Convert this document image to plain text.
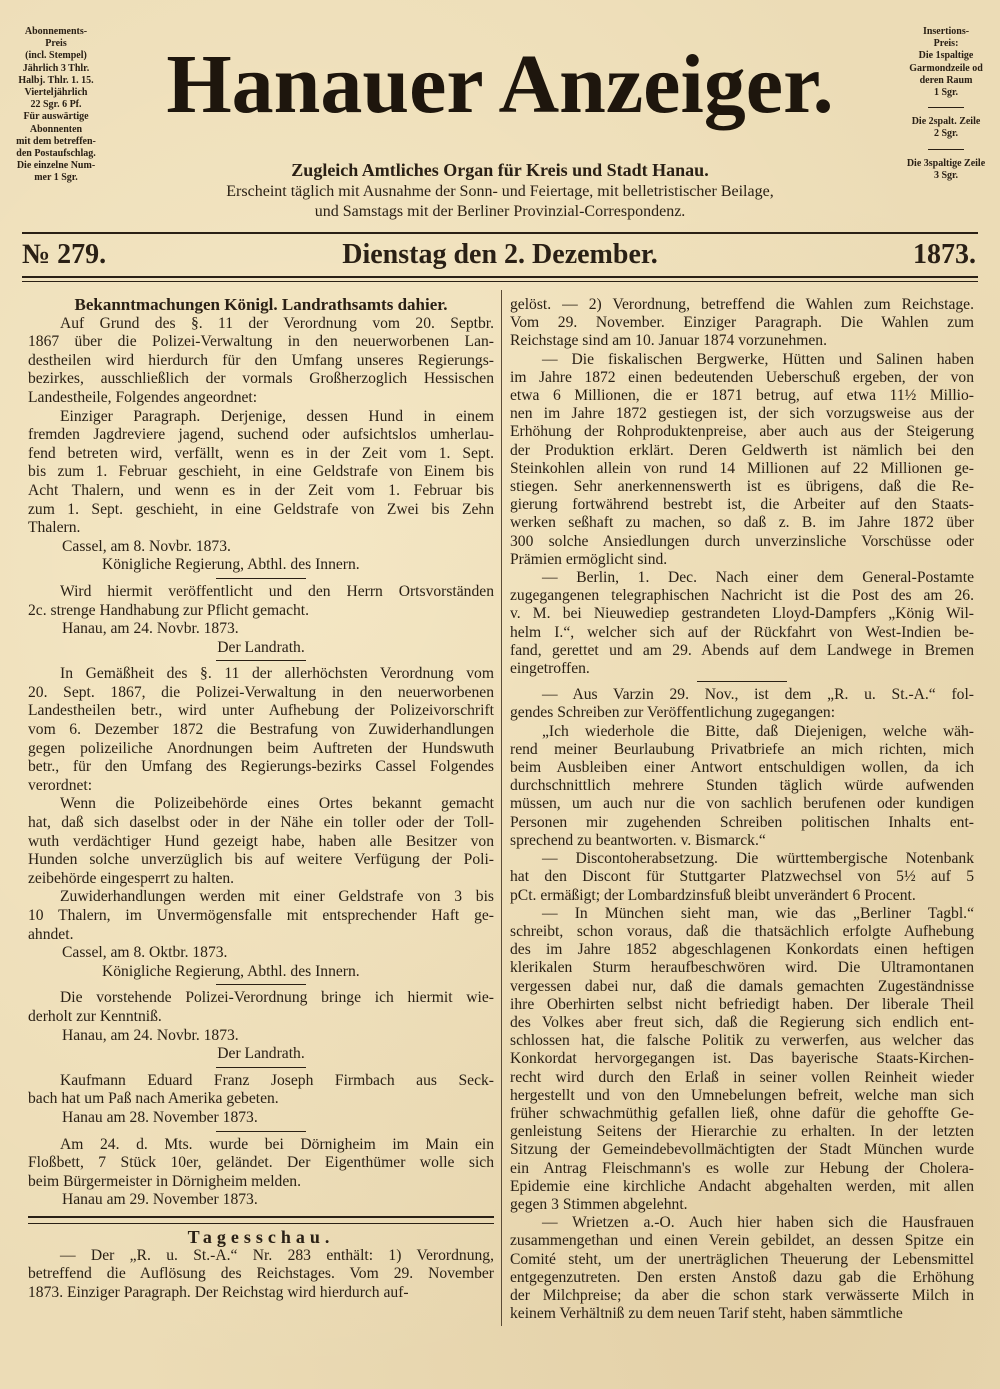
Abonnements-
Preis
(incl. Stempel)
Jährlich 3 Thlr.
Halbj. Thlr. 1. 15.
Vierteljährlich
22 Sgr. 6 Pf.
Für auswärtige
Abonnenten
mit dem betreffen-
den Postaufschlag.
Die einzelne Num-
mer 1 Sgr.
Insertions-
Preis:
Die 1spaltige
Garmondzeile od
deren Raum
1 Sgr.
Die 2spalt. Zeile
2 Sgr.
Die 3spaltige Zeile
3 Sgr.
Hanauer Anzeiger.
Zugleich Amtliches Organ für Kreis und Stadt Hanau.
Erscheint täglich mit Ausnahme der Sonn- und Feiertage, mit belletristischer Beilage,
und Samstags mit der Berliner Provinzial-Correspondenz.
№ 279.	Dienstag den 2. Dezember.	1873.
Bekanntmachungen Königl. Landrathsamts dahier.
Auf Grund des §. 11 der Verordnung vom 20. Septbr.
1867 über die Polizei-Verwaltung in den neuerworbenen Lan-
destheilen wird hierdurch für den Umfang unseres Regierungs-
bezirkes, ausschließlich der vormals Großherzoglich Hessischen
Landestheile, Folgendes angeordnet:
Einziger Paragraph. Derjenige, dessen Hund in einem
fremden Jagdreviere jagend, suchend oder aufsichtslos umherlau-
fend betreten wird, verfällt, wenn es in der Zeit vom 1. Sept.
bis zum 1. Februar geschieht, in eine Geldstrafe von Einem bis
Acht Thalern, und wenn es in der Zeit vom 1. Februar bis
zum 1. Sept. geschieht, in eine Geldstrafe von Zwei bis Zehn
Thalern.
Cassel, am 8. Novbr. 1873.
Königliche Regierung, Abthl. des Innern.
Wird hiermit veröffentlicht und den Herrn Ortsvorständen
2c. strenge Handhabung zur Pflicht gemacht.
Hanau, am 24. Novbr. 1873.
Der Landrath.
In Gemäßheit des §. 11 der allerhöchsten Verordnung vom
20. Sept. 1867, die Polizei-Verwaltung in den neuerworbenen
Landestheilen betr., wird unter Aufhebung der Polizeivorschrift
vom 6. Dezember 1872 die Bestrafung von Zuwiderhandlungen
gegen polizeiliche Anordnungen beim Auftreten der Hundswuth
betr., für den Umfang des Regierungs-bezirks Cassel Folgendes
verordnet:
Wenn die Polizeibehörde eines Ortes bekannt gemacht
hat, daß sich daselbst oder in der Nähe ein toller oder der Toll-
wuth verdächtiger Hund gezeigt habe, haben alle Besitzer von
Hunden solche unverzüglich bis auf weitere Verfügung der Poli-
zeibehörde eingesperrt zu halten.
Zuwiderhandlungen werden mit einer Geldstrafe von 3 bis
10 Thalern, im Unvermögensfalle mit entsprechender Haft ge-
ahndet.
Cassel, am 8. Oktbr. 1873.
Königliche Regierung, Abthl. des Innern.
Die vorstehende Polizei-Verordnung bringe ich hiermit wie-
derholt zur Kenntniß.
Hanau, am 24. Novbr. 1873.
Der Landrath.
Kaufmann Eduard Franz Joseph Firmbach aus Seck-
bach hat um Paß nach Amerika gebeten.
Hanau am 28. November 1873.
Am 24. d. Mts. wurde bei Dörnigheim im Main ein
Floßbett, 7 Stück 10er, geländet. Der Eigenthümer wolle sich
beim Bürgermeister in Dörnigheim melden.
Hanau am 29. November 1873.
Tagesschau.
— Der „R. u. St.-A.“ Nr. 283 enthält: 1) Verordnung,
betreffend die Auflösung des Reichstages. Vom 29. November
1873. Einziger Paragraph. Der Reichstag wird hierdurch auf-
gelöst. — 2) Verordnung, betreffend die Wahlen zum Reichstage.
Vom 29. November. Einziger Paragraph. Die Wahlen zum
Reichstage sind am 10. Januar 1874 vorzunehmen.
— Die fiskalischen Bergwerke, Hütten und Salinen haben
im Jahre 1872 einen bedeutenden Ueberschuß ergeben, der von
etwa 6 Millionen, die er 1871 betrug, auf etwa 11½ Millio-
nen im Jahre 1872 gestiegen ist, der sich vorzugsweise aus der
Erhöhung der Rohproduktenpreise, aber auch aus der Steigerung
der Produktion erklärt. Deren Geldwerth ist nämlich bei den
Steinkohlen allein von rund 14 Millionen auf 22 Millionen ge-
stiegen. Sehr anerkennenswerth ist es übrigens, daß die Re-
gierung fortwährend bestrebt ist, die Arbeiter auf den Staats-
werken seßhaft zu machen, so daß z. B. im Jahre 1872 über
300 solche Ansiedlungen durch unverzinsliche Vorschüsse oder
Prämien ermöglicht sind.
— Berlin, 1. Dec. Nach einer dem General-Postamte
zugegangenen telegraphischen Nachricht ist die Post des am 26.
v. M. bei Nieuwediep gestrandeten Lloyd-Dampfers „König Wil-
helm I.“, welcher sich auf der Rückfahrt von West-Indien be-
fand, gerettet und am 29. Abends auf dem Landwege in Bremen
eingetroffen.
— Aus Varzin 29. Nov., ist dem „R. u. St.-A.“ fol-
gendes Schreiben zur Veröffentlichung zugegangen:
„Ich wiederhole die Bitte, daß Diejenigen, welche wäh-
rend meiner Beurlaubung Privatbriefe an mich richten, mich
beim Ausbleiben einer Antwort entschuldigen wollen, da ich
durchschnittlich mehrere Stunden täglich würde aufwenden
müssen, um auch nur die von sachlich berufenen oder kundigen
Personen mir zugehenden Schreiben politischen Inhalts ent-
sprechend zu beantworten. v. Bismarck.“
— Discontoherabsetzung. Die württembergische Notenbank
hat den Discont für Stuttgarter Platzwechsel von 5½ auf 5
pCt. ermäßigt; der Lombardzinsfuß bleibt unverändert 6 Procent.
— In München sieht man, wie das „Berliner Tagbl.“
schreibt, schon voraus, daß die thatsächlich erfolgte Aufhebung
des im Jahre 1852 abgeschlagenen Konkordats einen heftigen
klerikalen Sturm heraufbeschwören wird. Die Ultramontanen
vergessen dabei nur, daß die damals gemachten Zugeständnisse
ihre Oberhirten selbst nicht befriedigt haben. Der liberale Theil
des Volkes aber freut sich, daß die Regierung sich endlich ent-
schlossen hat, die falsche Politik zu verwerfen, aus welcher das
Konkordat hervorgegangen ist. Das bayerische Staats-Kirchen-
recht wird durch den Erlaß in seiner vollen Reinheit wieder
hergestellt und von den Umnebelungen befreit, welche man sich
früher schwachmüthig gefallen ließ, ohne dafür die gehoffte Ge-
genleistung Seitens der Hierarchie zu erhalten. In der letzten
Sitzung der Gemeindebevollmächtigten der Stadt München wurde
ein Antrag Fleischmann's es wolle zur Hebung der Cholera-
Epidemie eine kirchliche Andacht abgehalten werden, mit allen
gegen 3 Stimmen abgelehnt.
— Wrietzen a.-O. Auch hier haben sich die Hausfrauen
zusammengethan und einen Verein gebildet, an dessen Spitze ein
Comité steht, um der unerträglichen Theuerung der Lebensmittel
entgegenzutreten. Den ersten Anstoß dazu gab die Erhöhung
der Milchpreise; da aber die schon stark verwässerte Milch in
keinem Verhältniß zu dem neuen Tarif steht, haben sämmtliche
